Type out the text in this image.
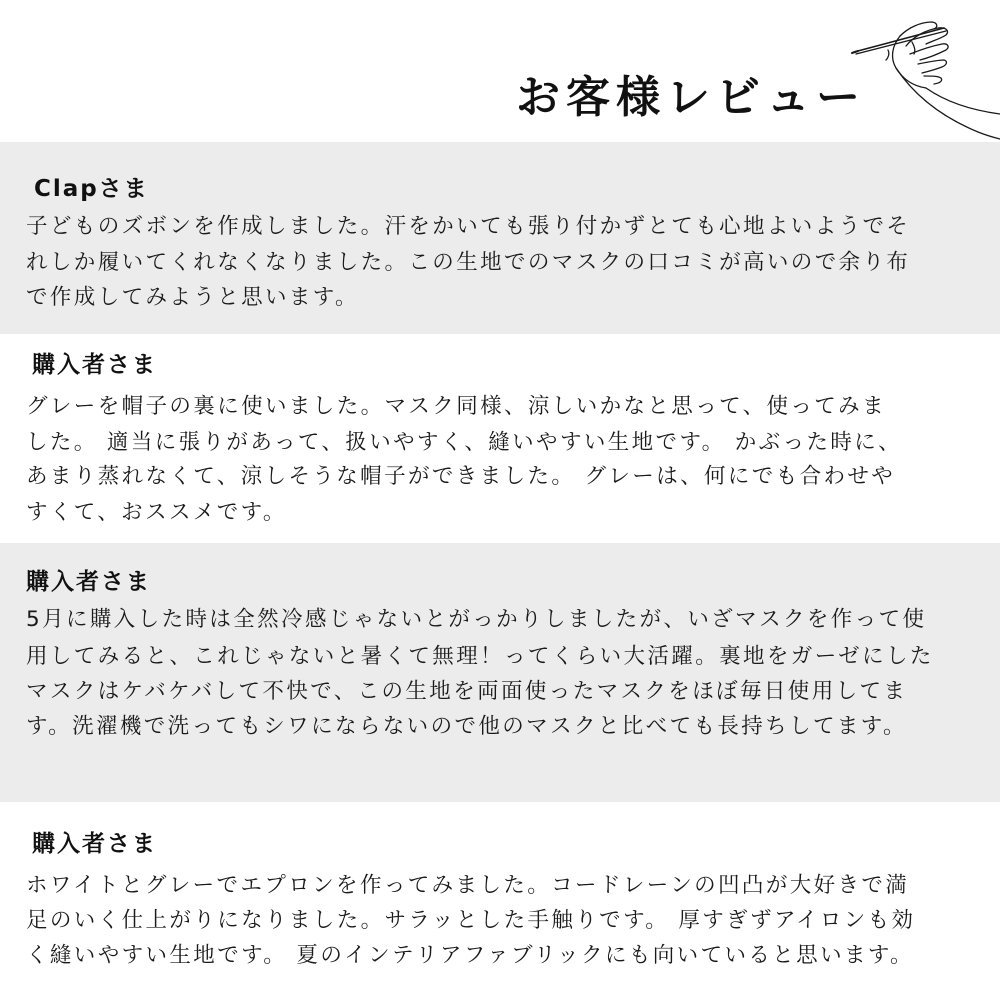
お客様レビュー
Clapさま
子どものズボンを作成しました。汗をかいても張り付かずとても心地よいようでそ
れしか履いてくれなくなりました。この生地でのマスクの口コミが高いので余り布
で作成してみようと思います。
購入者さま
グレーを帽子の裏に使いました。マスク同様、涼しいかなと思って、使ってみま
した。 適当に張りがあって、扱いやすく、縫いやすい生地です。 かぶった時に、
あまり蒸れなくて、涼しそうな帽子ができました。 グレーは、何にでも合わせや
すくて、おススメです。
購入者さま
5月に購入した時は全然冷感じゃないとがっかりしましたが、いざマスクを作って使
用してみると、これじゃないと暑くて無理！ってくらい大活躍。裏地をガーゼにした
マスクはケバケバして不快で、この生地を両面使ったマスクをほぼ毎日使用してま
す。洗濯機で洗ってもシワにならないので他のマスクと比べても長持ちしてます。
購入者さま
ホワイトとグレーでエプロンを作ってみました。コードレーンの凹凸が大好きで満
足のいく仕上がりになりました。サラッとした手触りです。 厚すぎずアイロンも効
く縫いやすい生地です。 夏のインテリアファブリックにも向いていると思います。
